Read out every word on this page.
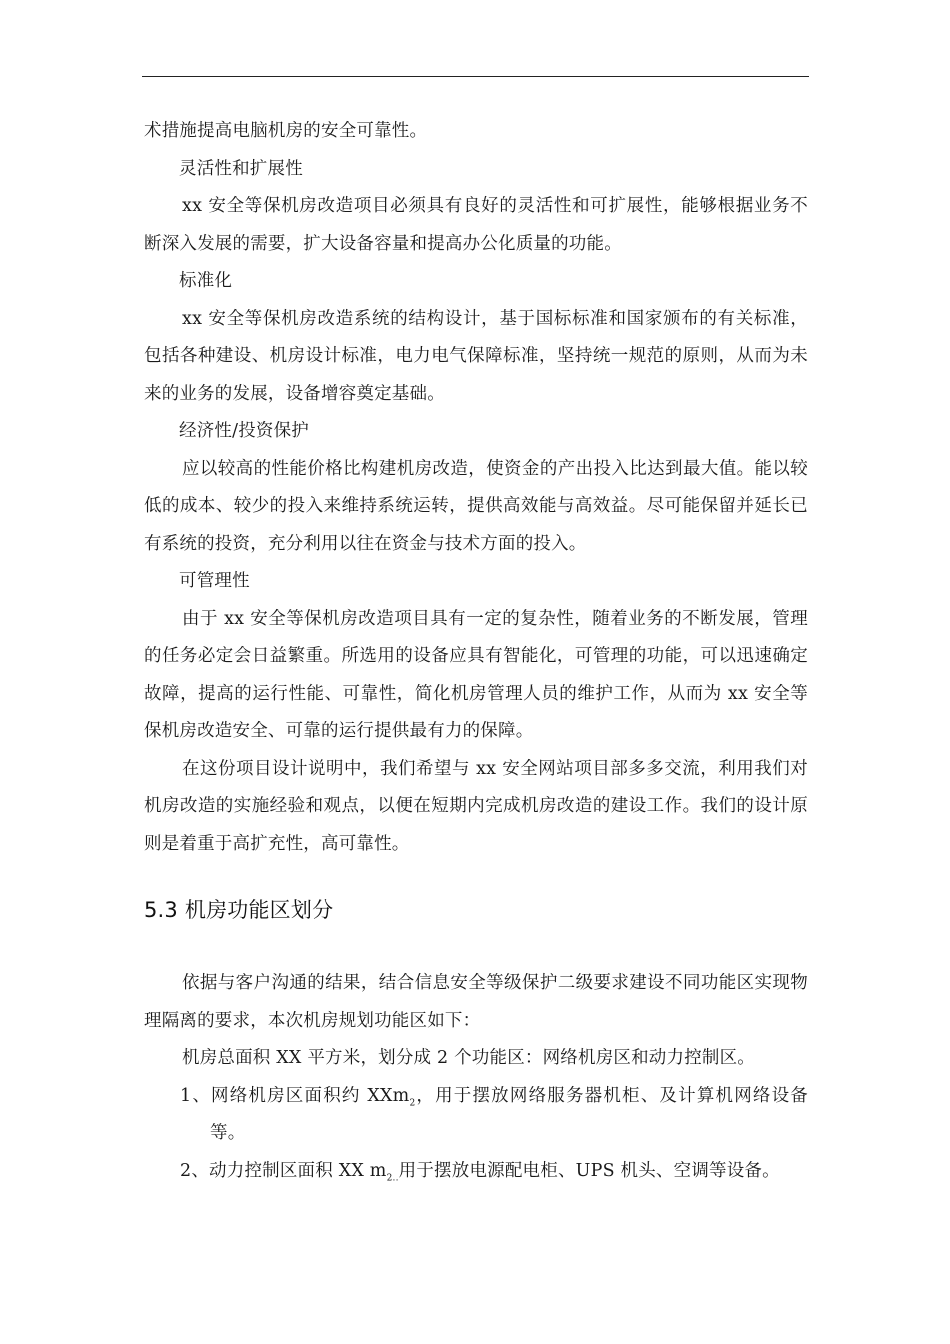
术措施提高电脑机房的安全可靠性。

灵活性和扩展性

xx 安全等保机房改造项目必须具有良好的灵活性和可扩展性，能够根据业务不断深入发展的需要，扩大设备容量和提高办公化质量的功能。

标准化

xx 安全等保机房改造系统的结构设计，基于国标标准和国家颁布的有关标准，包括各种建设、机房设计标准，电力电气保障标准，坚持统一规范的原则，从而为未来的业务的发展，设备增容奠定基础。

经济性/投资保护

应以较高的性能价格比构建机房改造，使资金的产出投入比达到最大值。能以较低的成本、较少的投入来维持系统运转，提供高效能与高效益。尽可能保留并延长已有系统的投资，充分利用以往在资金与技术方面的投入。

可管理性

由于 xx 安全等保机房改造项目具有一定的复杂性，随着业务的不断发展，管理的任务必定会日益繁重。所选用的设备应具有智能化，可管理的功能，可以迅速确定故障，提高的运行性能、可靠性，简化机房管理人员的维护工作，从而为 xx 安全等保机房改造安全、可靠的运行提供最有力的保障。

在这份项目设计说明中，我们希望与 xx 安全网站项目部多多交流，利用我们对机房改造的实施经验和观点，以便在短期内完成机房改造的建设工作。我们的设计原则是着重于高扩充性，高可靠性。

5.3 机房功能区划分

依据与客户沟通的结果，结合信息安全等级保护二级要求建设不同功能区实现物理隔离的要求，本次机房规划功能区如下：

机房总面积 XX 平方米，划分成 2 个功能区：网络机房区和动力控制区。

1、网络机房区面积约 XXm$_2$，用于摆放网络服务器机柜、及计算机网络设备等。

2、动力控制区面积 XX $m_{2..}$用于摆放电源配电柜、UPS 机头、空调等设备。
